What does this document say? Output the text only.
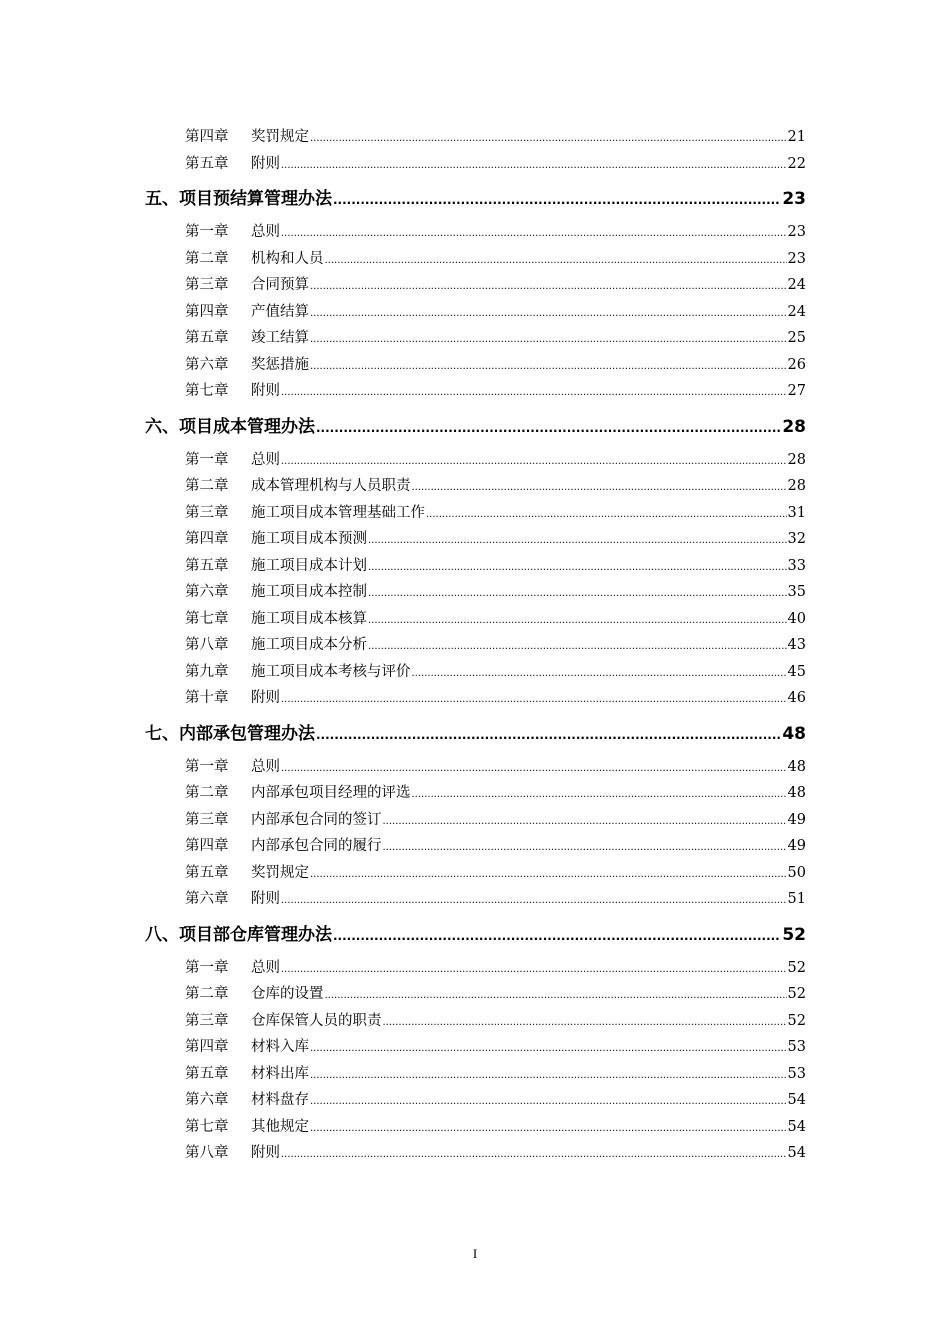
第四章	奖罚规定 .....	21
第五章	附则 .....	22
五、项目预结算管理办法 .....	23
第一章	总则 .....	23
第二章	机构和人员 .....	23
第三章	合同预算 .....	24
第四章	产值结算 .....	24
第五章	竣工结算 .....	25
第六章	奖惩措施 .....	26
第七章	附则 .....	27
六、项目成本管理办法 .....	28
第一章	总则 .....	28
第二章	成本管理机构与人员职责 .....	28
第三章	施工项目成本管理基础工作 .....	31
第四章	施工项目成本预测 .....	32
第五章	施工项目成本计划 .....	33
第六章	施工项目成本控制 .....	35
第七章	施工项目成本核算 .....	40
第八章	施工项目成本分析 .....	43
第九章	施工项目成本考核与评价 .....	45
第十章	附则 .....	46
七、内部承包管理办法 .....	48
第一章	总则 .....	48
第二章	内部承包项目经理的评选 .....	48
第三章	内部承包合同的签订 .....	49
第四章	内部承包合同的履行 .....	49
第五章	奖罚规定 .....	50
第六章	附则 .....	51
八、项目部仓库管理办法 .....	52
第一章	总则 .....	52
第二章	仓库的设置 .....	52
第三章	仓库保管人员的职责 .....	52
第四章	材料入库 .....	53
第五章	材料出库 .....	53
第六章	材料盘存 .....	54
第七章	其他规定 .....	54
第八章	附则 .....	54
I
